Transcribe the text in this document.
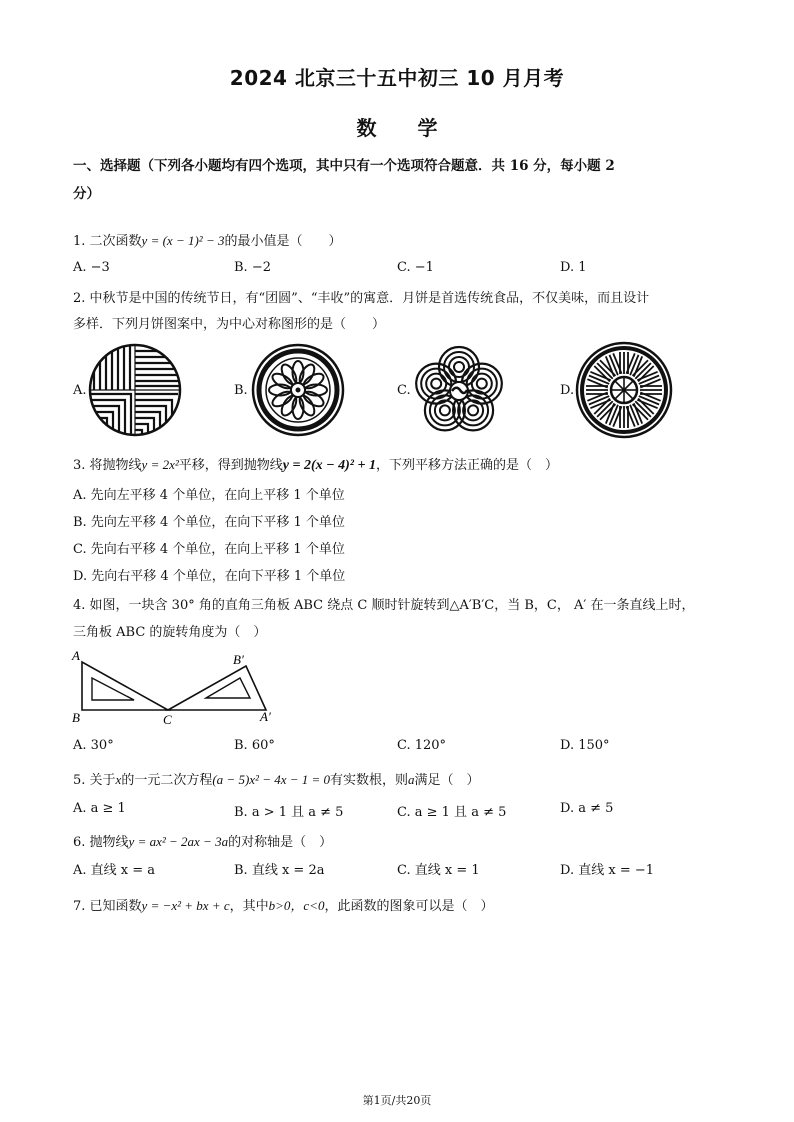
2024 北京三十五中初三 10 月月考
数 学
一、选择题（下列各小题均有四个选项，其中只有一个选项符合题意．共 16 分，每小题 2
分）
1. 二次函数y = (x − 1)² − 3的最小值是（　　）
A. −3	B. −2	C. −1	D. 1
2. 中秋节是中国的传统节日，有“团圆”、“丰收”的寓意．月饼是首选传统食品，不仅美味，而且设计
多样．下列月饼图案中，为中心对称图形的是（　　）
A.	B.	C.	D.
3. 将抛物线y = 2x²平移，得到抛物线y = 2(x − 4)² + 1，下列平移方法正确的是（　）
A. 先向左平移 4 个单位，在向上平移 1 个单位
B. 先向左平移 4 个单位，在向下平移 1 个单位
C. 先向右平移 4 个单位，在向上平移 1 个单位
D. 先向右平移 4 个单位，在向下平移 1 个单位
4. 如图，一块含 30° 角的直角三角板 ABC 绕点 C 顺时针旋转到△A′B′C，当 B，C， A′ 在一条直线上时，
三角板 ABC 的旋转角度为（　）
A
B	C
B′
A′
A. 30°	B. 60°	C. 120°	D. 150°
5. 关于x的一元二次方程(a − 5)x² − 4x − 1 = 0有实数根，则a满足（　）
A. a ≥ 1	B. a > 1 且 a ≠ 5	C. a ≥ 1 且 a ≠ 5	D. a ≠ 5
6. 抛物线y = ax² − 2ax − 3a的对称轴是（　）
A. 直线 x = a	B. 直线 x = 2a	C. 直线 x = 1	D. 直线 x = −1
7. 已知函数y = −x² + bx + c，其中b>0，c<0，此函数的图象可以是（　）
第1页/共20页
